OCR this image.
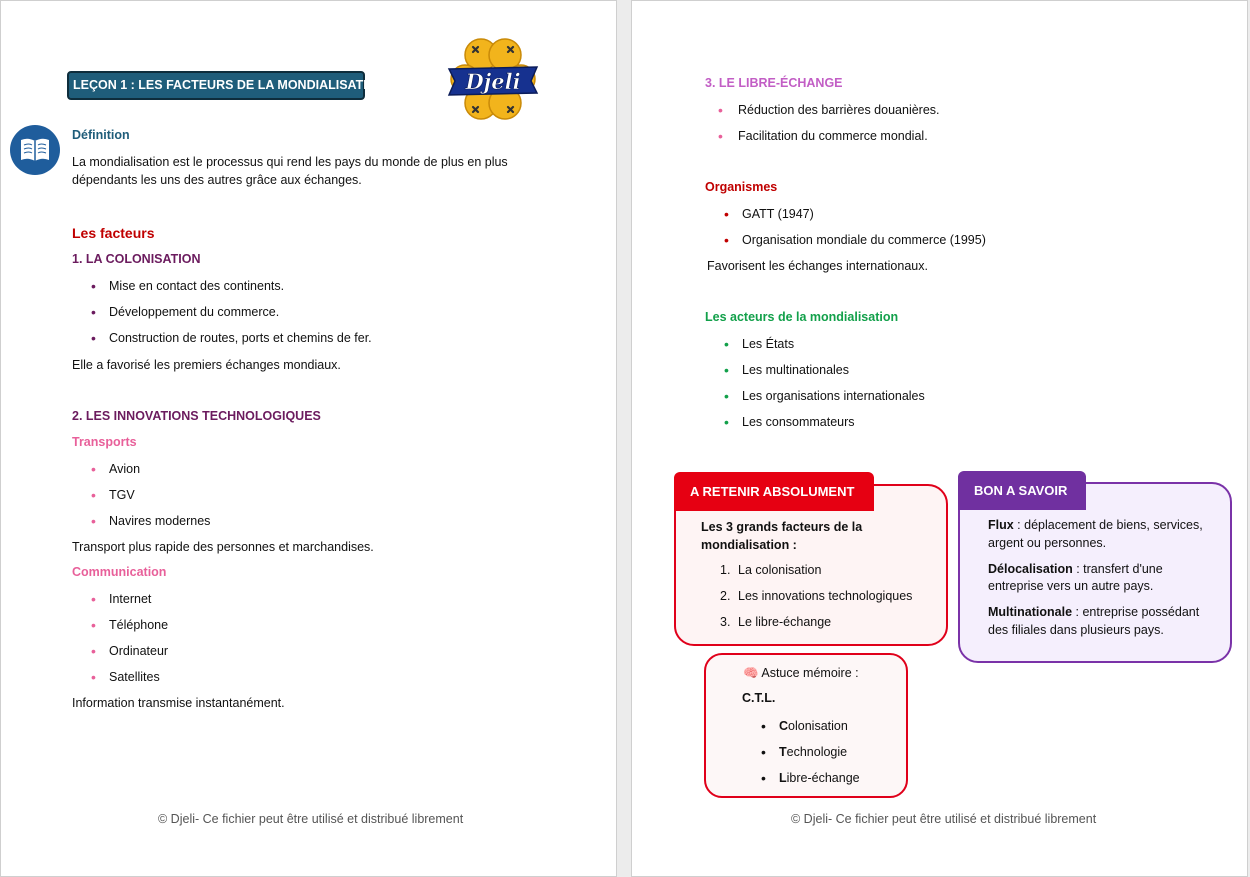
LEÇON 1 : LES FACTEURS DE LA MONDIALISATION	Djeli
Définition
La mondialisation est le processus qui rend les pays du monde de plus en plus
dépendants les uns des autres grâce aux échanges.
Les facteurs
1. LA COLONISATION
• Mise en contact des continents.
• Développement du commerce.
• Construction de routes, ports et chemins de fer.
Elle a favorisé les premiers échanges mondiaux.
2. LES INNOVATIONS TECHNOLOGIQUES
Transports
• Avion
• TGV
• Navires modernes
Transport plus rapide des personnes et marchandises.
Communication
• Internet
• Téléphone
• Ordinateur
• Satellites
Information transmise instantanément.
© Djeli- Ce fichier peut être utilisé et distribué librement
3. LE LIBRE-ÉCHANGE
• Réduction des barrières douanières.
• Facilitation du commerce mondial.
Organismes
• GATT (1947)
• Organisation mondiale du commerce (1995)
Favorisent les échanges internationaux.
Les acteurs de la mondialisation
• Les États
• Les multinationales
• Les organisations internationales
• Les consommateurs
A RETENIR ABSOLUMENT
Les 3 grands facteurs de la
mondialisation :
1. La colonisation
2. Les innovations technologiques
3. Le libre-échange
BON A SAVOIR
Flux : déplacement de biens, services,
argent ou personnes.
Délocalisation : transfert d'une
entreprise vers un autre pays.
Multinationale : entreprise possédant
des filiales dans plusieurs pays.
🧠 Astuce mémoire :
C.T.L.
• Colonisation
• Technologie
• Libre-échange
© Djeli- Ce fichier peut être utilisé et distribué librement
